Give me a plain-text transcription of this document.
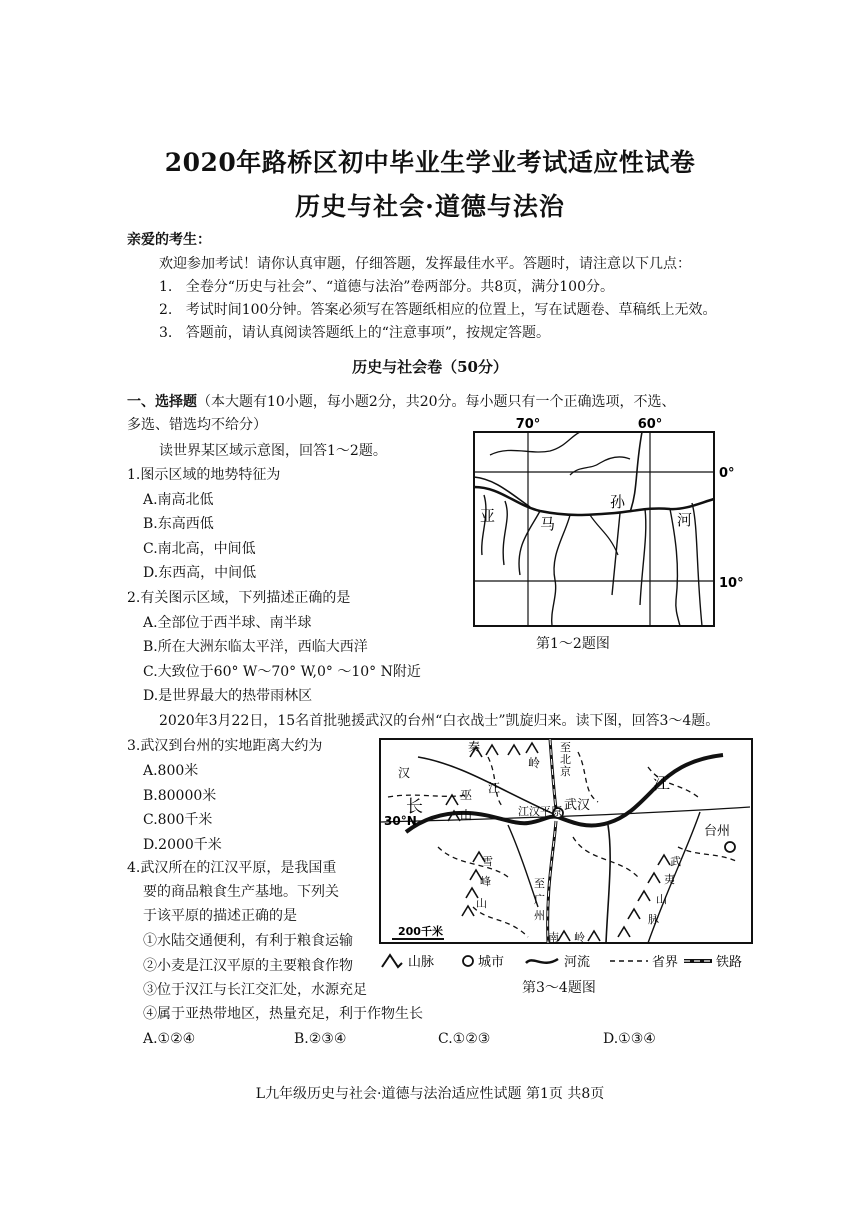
2020年路桥区初中毕业生学业考试适应性试卷
历史与社会·道德与法治
亲爱的考生：
欢迎参加考试！请你认真审题，仔细答题，发挥最佳水平。答题时，请注意以下几点：
1. 全卷分“历史与社会”、“道德与法治”卷两部分。共8页，满分100分。
2. 考试时间100分钟。答案必须写在答题纸相应的位置上，写在试题卷、草稿纸上无效。
3. 答题前，请认真阅读答题纸上的“注意事项”，按规定答题。
历史与社会卷（50分）
一、选择题（本大题有10小题，每小题2分，共20分。每小题只有一个正确选项，不选、
多选、错选均不给分）
读世界某区域示意图，回答1～2题。
1.图示区域的地势特征为
A.南高北低
B.东高西低
C.南北高，中间低
D.东西高，中间低
2.有关图示区域，下列描述正确的是
A.全部位于西半球、南半球
B.所在大洲东临太平洋，西临大西洋
C.大致位于60° W～70° W,0° ～10° N附近
D.是世界最大的热带雨林区
亚	马
孙
河
70°	60°
0°
10°
第1～2题图
2020年3月22日，15名首批驰援武汉的台州“白衣战士”凯旋归来。读下图，回答3～4题。
3.武汉到台州的实地距离大约为
A.800米
B.80000米
C.800千米
D.2000千米
4.武汉所在的江汉平原，是我国重
要的商品粮食生产基地。下列关
于该平原的描述正确的是
①水陆交通便利，有利于粮食运输
②小麦是江汉平原的主要粮食作物
③位于汉江与长江交汇处，水源充足
④属于亚热带地区，热量充足，利于作物生长
A.①②④	B.②③④	C.①②③	D.①③④
秦
岭
汉
江
巫
山
长
江
江汉平原 武汉
台州
30°N
至
北
京
至
广
州
雪
峰
山
武
夷
山
脉
南 岭
200千米
山脉	城市	河流	省界	铁路
第3～4题图
L九年级历史与社会·道德与法治适应性试题 第1页 共8页
